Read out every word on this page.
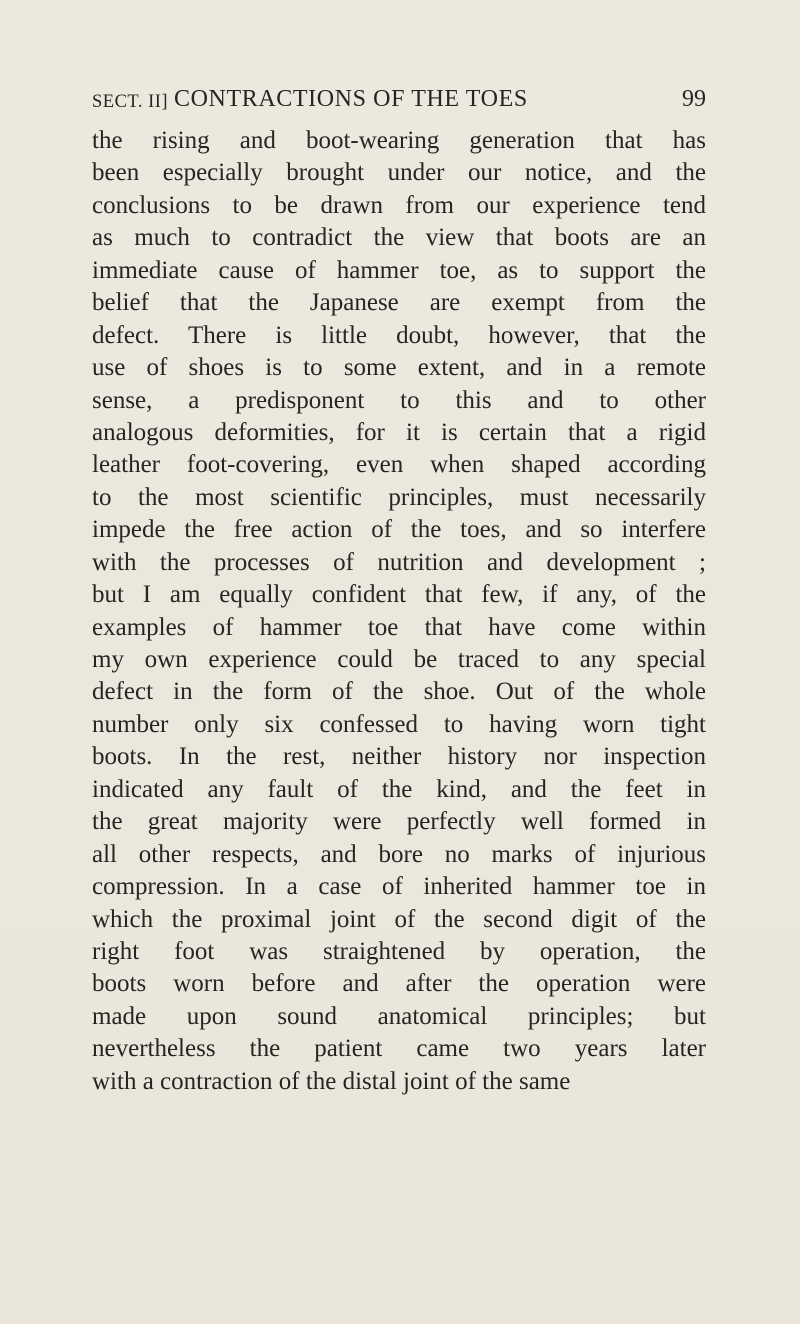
SECT. II] CONTRACTIONS OF THE TOES	99
the rising and boot-wearing generation that has
been especially brought under our notice, and the
conclusions to be drawn from our experience tend
as much to contradict the view that boots are an
immediate cause of hammer toe, as to support the
belief that the Japanese are exempt from the
defect. There is little doubt, however, that the
use of shoes is to some extent, and in a remote
sense, a predisponent to this and to other
analogous deformities, for it is certain that a rigid
leather foot-covering, even when shaped according
to the most scientific principles, must necessarily
impede the free action of the toes, and so interfere
with the processes of nutrition and development ;
but I am equally confident that few, if any, of the
examples of hammer toe that have come within
my own experience could be traced to any special
defect in the form of the shoe. Out of the whole
number only six confessed to having worn tight
boots. In the rest, neither history nor inspection
indicated any fault of the kind, and the feet in
the great majority were perfectly well formed in
all other respects, and bore no marks of injurious
compression. In a case of inherited hammer toe in
which the proximal joint of the second digit of the
right foot was straightened by operation, the
boots worn before and after the operation were
made upon sound anatomical principles; but
nevertheless the patient came two years later
with a contraction of the distal joint of the same
